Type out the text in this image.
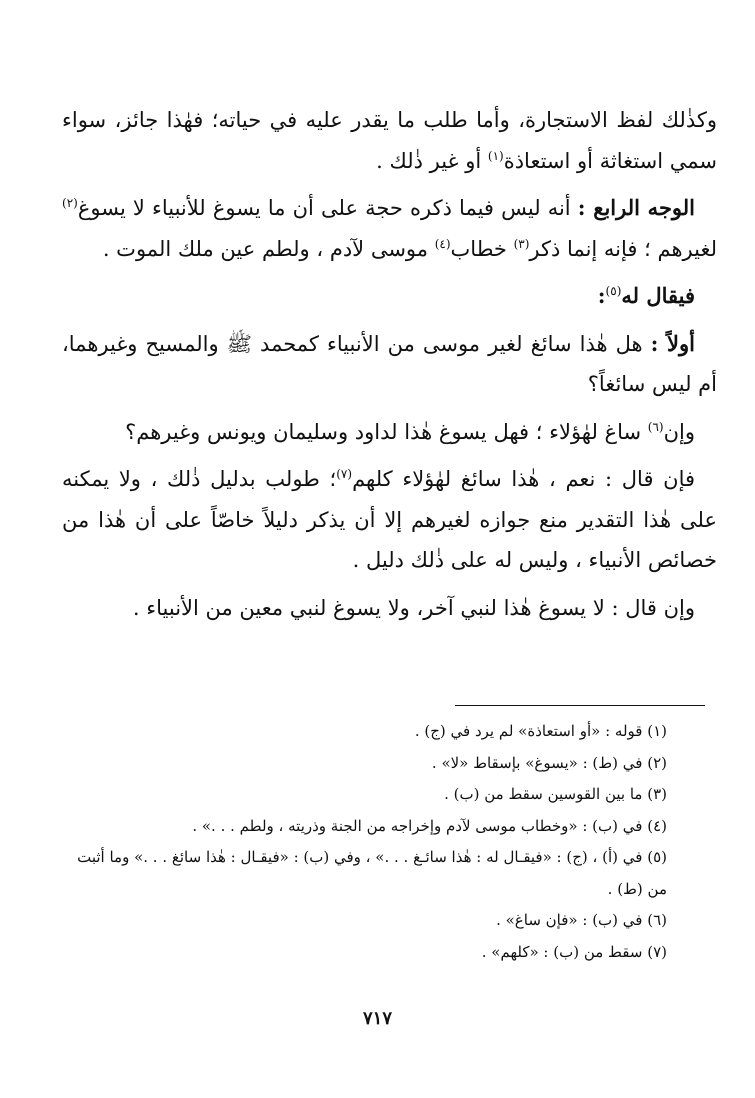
وكذٰلك لفظ الاستجارة، وأما طلب ما يقدر عليه في حياته؛ فهٰذا جائز، سواء سمي استغاثة أو استعاذة$^{(١)}$ أو غير ذٰلك .

الوجه الرابع : أنه ليس فيما ذكره حجة على أن ما يسوغ للأنبياء لا يسوغ$^{(٢)}$ لغيرهم ؛ فإنه إنما ذكر$^{(٣)}$ خطاب$^{(٤)}$ موسى لآدم ، ولطم عين ملك الموت .

فيقال له$^{(٥)}$:

أولاً : هل هٰذا سائغ لغير موسى من الأنبياء كمحمد ﷺ والمسيح وغيرهما، أم ليس سائغاً؟

وإن$^{(٦)}$ ساغ لهٰؤلاء ؛ فهل يسوغ هٰذا لداود وسليمان ويونس وغيرهم؟

فإن قال : نعم ، هٰذا سائغ لهٰؤلاء كلهم$^{(٧)}$؛ طولب بدليل ذٰلك ، ولا يمكنه على هٰذا التقدير منع جوازه لغيرهم إلا أن يذكر دليلاً خاصّاً على أن هٰذا من خصائص الأنبياء ، وليس له على ذٰلك دليل .

وإن قال : لا يسوغ هٰذا لنبي آخر، ولا يسوغ لنبي معين من الأنبياء .

(١) قوله : «أو استعاذة» لم يرد في (ج) .

(٢) في (ط) : «يسوغ» بإسقاط «لا» .

(٣) ما بين القوسين سقط من (ب) .

(٤) في (ب) : «وخطاب موسى لآدم وإخراجه من الجنة وذريته ، ولطم . . .» .

(٥) في (أ) ، (ج) : «فيقـال له : هٰذا سائـغ . . .» ، وفي (ب) : «فيقـال : هٰذا سائغ . . .» وما أثبت من (ط) .

(٦) في (ب) : «فإن ساغ» .

(٧) سقط من (ب) : «كلهم» .

٧١٧
